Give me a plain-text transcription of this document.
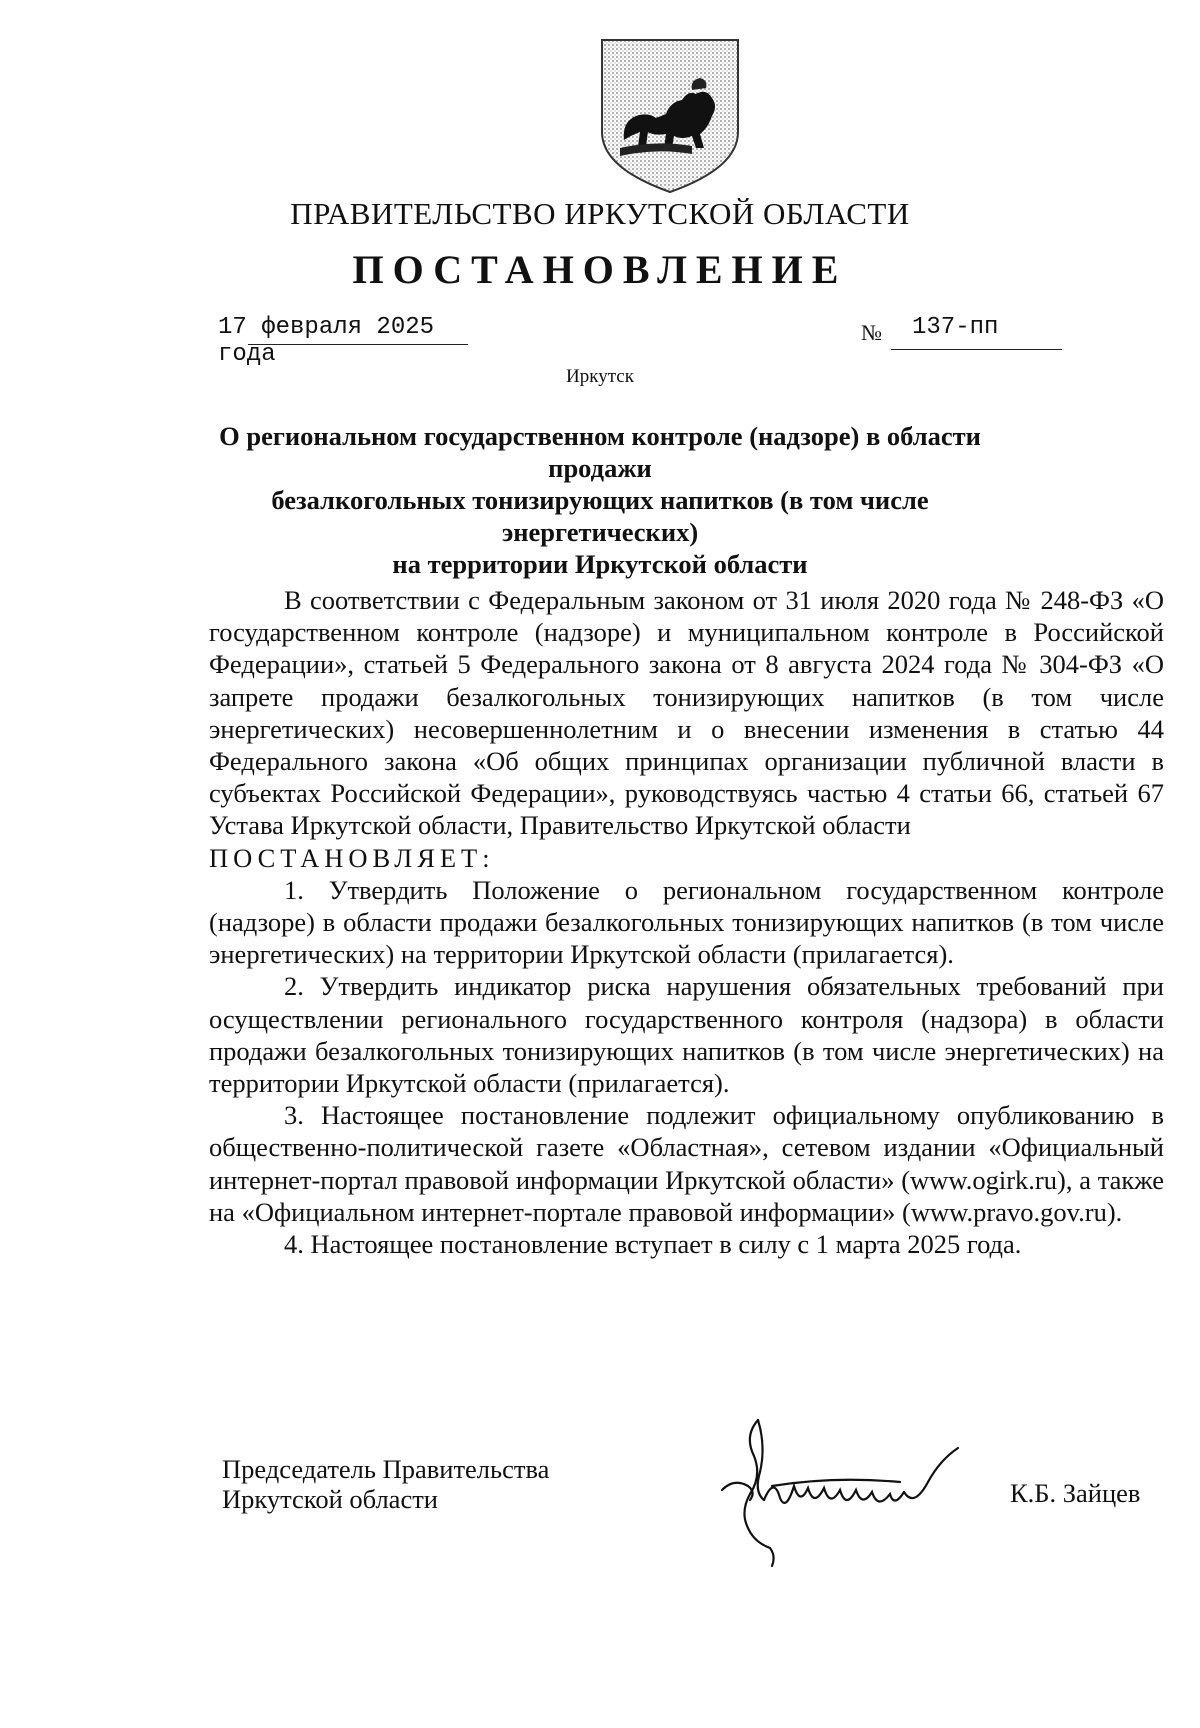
ПРАВИТЕЛЬСТВО ИРКУТСКОЙ ОБЛАСТИ
ПОСТАНОВЛЕНИЕ
17 февраля 2025 года
№ 137-пп
Иркутск
О региональном государственном контроле (надзоре) в области продажи
безалкогольных тонизирующих напитков (в том числе энергетических)
на территории Иркутской области

В соответствии с Федеральным законом от 31 июля 2020 года № 248-ФЗ «О государственном контроле (надзоре) и муниципальном контроле в Российской Федерации», статьей 5 Федерального закона от 8 августа 2024 года № 304-ФЗ «О запрете продажи безалкогольных тонизирующих напитков (в том числе энергетических) несовершеннолетним и о внесении изменения в статью 44 Федерального закона «Об общих принципах организации публичной власти в субъектах Российской Федерации», руководствуясь частью 4 статьи 66, статьей 67 Устава Иркутской области, Правительство Иркутской области

ПОСТАНОВЛЯЕТ:

1. Утвердить Положение о региональном государственном контроле (надзоре) в области продажи безалкогольных тонизирующих напитков (в том числе энергетических) на территории Иркутской области (прилагается).

2. Утвердить индикатор риска нарушения обязательных требований при осуществлении регионального государственного контроля (надзора) в области продажи безалкогольных тонизирующих напитков (в том числе энергетических) на территории Иркутской области (прилагается).

3. Настоящее постановление подлежит официальному опубликованию в общественно-политической газете «Областная», сетевом издании «Официальный интернет-портал правовой информации Иркутской области» (www.ogirk.ru), а также на «Официальном интернет-портале правовой информации» (www.pravo.gov.ru).

4. Настоящее постановление вступает в силу с 1 марта 2025 года.

Председатель Правительства
Иркутской области	К.Б. Зайцев
